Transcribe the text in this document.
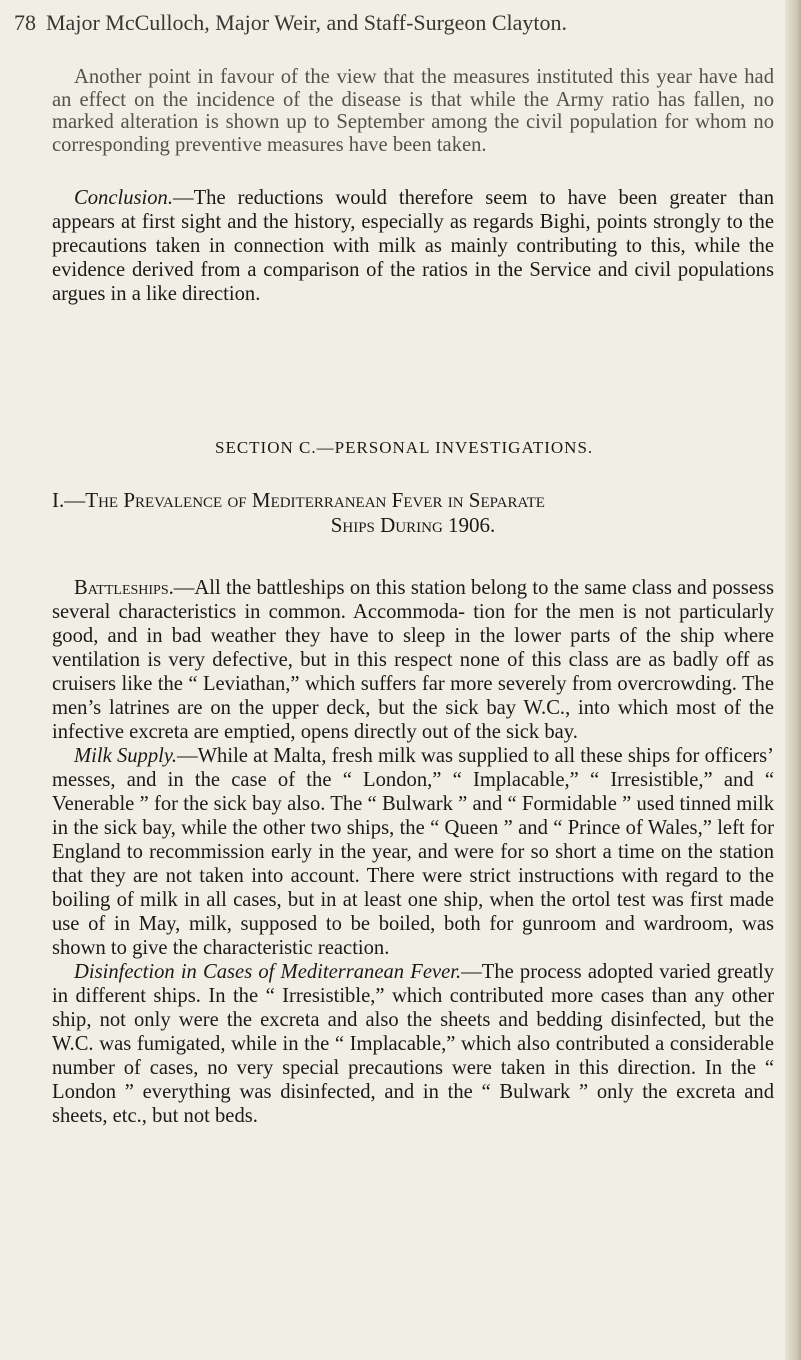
78 Major McCulloch, Major Weir, and Staff-Surgeon Clayton.

Another point in favour of the view that the measures instituted this year have had an effect on the incidence of the disease is that while the Army ratio has fallen, no marked alteration is shown up to September among the civil population for whom no corresponding preventive measures have been taken.

Conclusion.—The reductions would therefore seem to have been greater than appears at first sight and the history, especially as regards Bighi, points strongly to the precautions taken in connection with milk as mainly contributing to this, while the evidence derived from a comparison of the ratios in the Service and civil populations argues in a like direction.

SECTION C.—PERSONAL INVESTIGATIONS.
I.—The Prevalence of Mediterranean Fever in Separate
Ships During 1906.

Battleships.—All the battleships on this station belong to the same class and possess several characteristics in common. Accommoda- tion for the men is not particularly good, and in bad weather they have to sleep in the lower parts of the ship where ventilation is very defective, but in this respect none of this class are as badly off as cruisers like the “ Leviathan,” which suffers far more severely from overcrowding. The men’s latrines are on the upper deck, but the sick bay W.C., into which most of the infective excreta are emptied, opens directly out of the sick bay.

Milk Supply.—While at Malta, fresh milk was supplied to all these ships for officers’ messes, and in the case of the “ London,” “ Implacable,” “ Irresistible,” and “ Venerable ” for the sick bay also. The “ Bulwark ” and “ Formidable ” used tinned milk in the sick bay, while the other two ships, the “ Queen ” and “ Prince of Wales,” left for England to recommission early in the year, and were for so short a time on the station that they are not taken into account. There were strict instructions with regard to the boiling of milk in all cases, but in at least one ship, when the ortol test was first made use of in May, milk, supposed to be boiled, both for gunroom and wardroom, was shown to give the characteristic reaction.

Disinfection in Cases of Mediterranean Fever.—The process adopted varied greatly in different ships. In the “ Irresistible,” which contributed more cases than any other ship, not only were the excreta and also the sheets and bedding disinfected, but the W.C. was fumigated, while in the “ Implacable,” which also contributed a considerable number of cases, no very special precautions were taken in this direction. In the “ London ” everything was disinfected, and in the “ Bulwark ” only the excreta and sheets, etc., but not beds.
